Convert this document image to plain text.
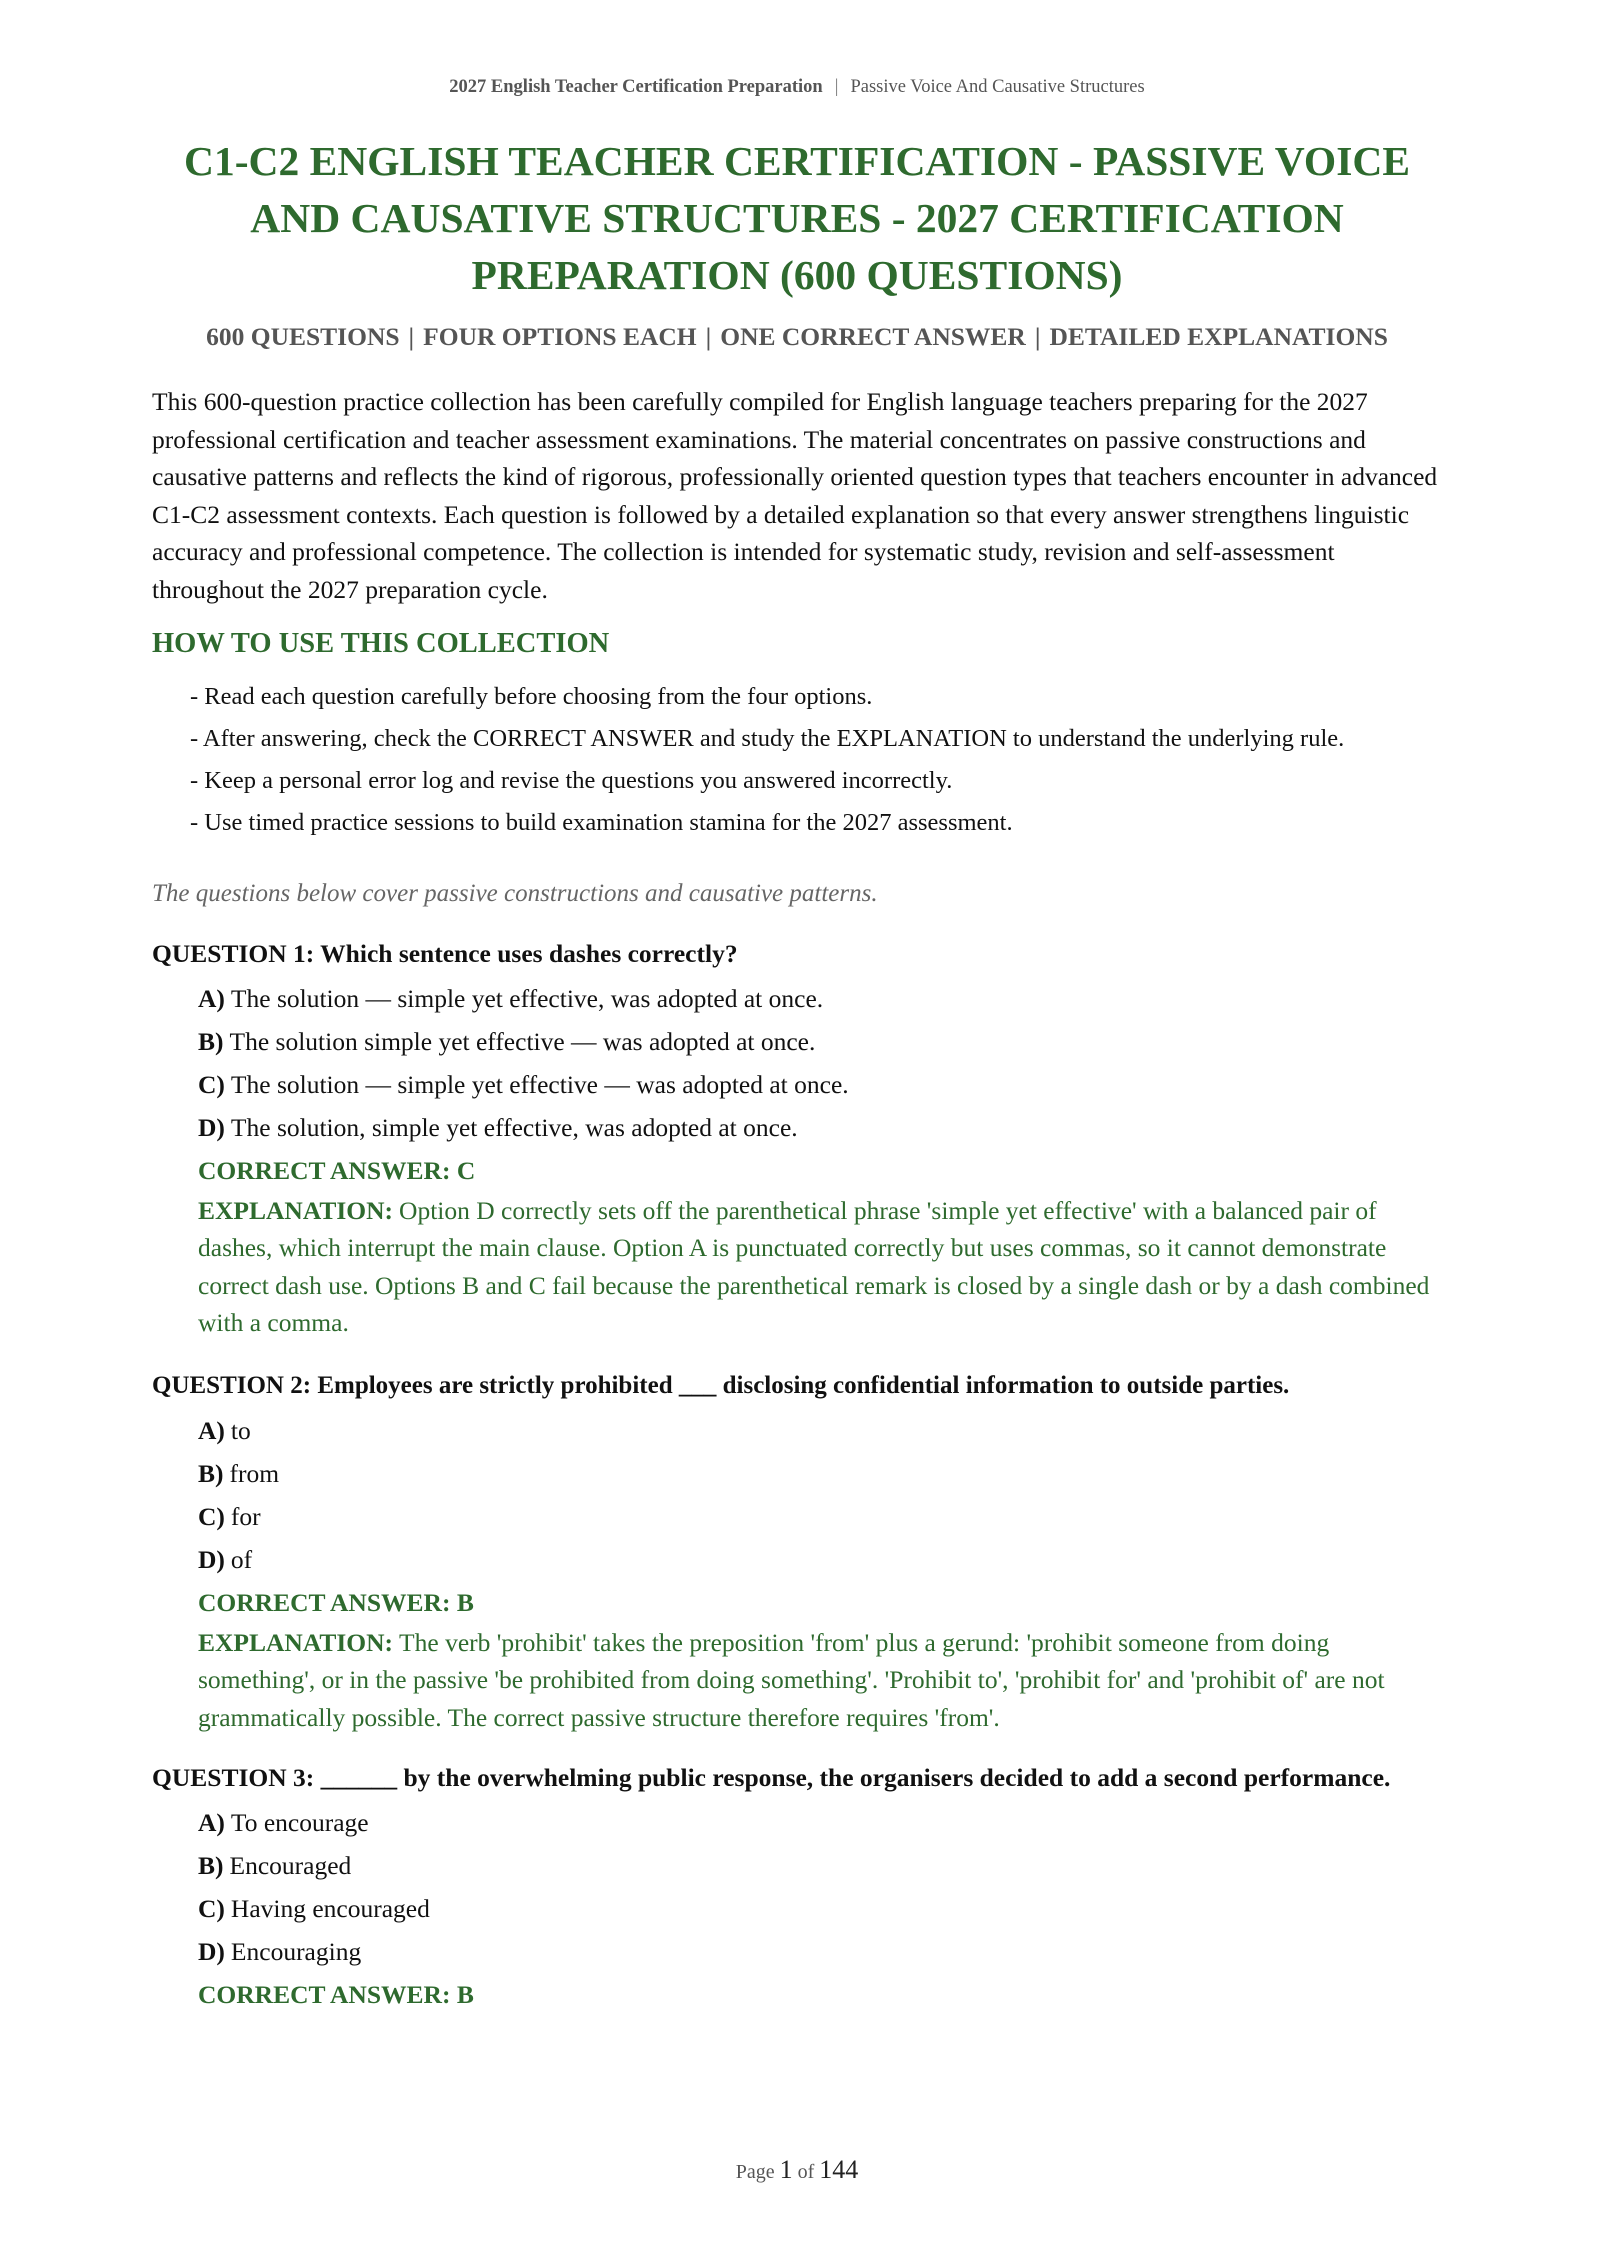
2027 English Teacher Certification Preparation | Passive Voice And Causative Structures
C1-C2 ENGLISH TEACHER CERTIFICATION - PASSIVE VOICE AND CAUSATIVE STRUCTURES - 2027 CERTIFICATION PREPARATION (600 QUESTIONS)
600 QUESTIONS | FOUR OPTIONS EACH | ONE CORRECT ANSWER | DETAILED EXPLANATIONS

This 600-question practice collection has been carefully compiled for English language teachers preparing for the 2027 professional certification and teacher assessment examinations. The material concentrates on passive constructions and causative patterns and reflects the kind of rigorous, professionally oriented question types that teachers encounter in advanced C1-C2 assessment contexts. Each question is followed by a detailed explanation so that every answer strengthens linguistic accuracy and professional competence. The collection is intended for systematic study, revision and self-assessment throughout the 2027 preparation cycle.

HOW TO USE THIS COLLECTION
- Read each question carefully before choosing from the four options.
- After answering, check the CORRECT ANSWER and study the EXPLANATION to understand the underlying rule.
- Keep a personal error log and revise the questions you answered incorrectly.
- Use timed practice sessions to build examination stamina for the 2027 assessment.

The questions below cover passive constructions and causative patterns.

QUESTION 1: Which sentence uses dashes correctly?

A) The solution — simple yet effective, was adopted at once.
B) The solution simple yet effective — was adopted at once.
C) The solution — simple yet effective — was adopted at once.
D) The solution, simple yet effective, was adopted at once.

CORRECT ANSWER: C

EXPLANATION: Option D correctly sets off the parenthetical phrase 'simple yet effective' with a balanced pair of dashes, which interrupt the main clause. Option A is punctuated correctly but uses commas, so it cannot demonstrate correct dash use. Options B and C fail because the parenthetical remark is closed by a single dash or by a dash combined with a comma.

QUESTION 2: Employees are strictly prohibited ___ disclosing confidential information to outside parties.

A) to
B) from
C) for
D) of

CORRECT ANSWER: B

EXPLANATION: The verb 'prohibit' takes the preposition 'from' plus a gerund: 'prohibit someone from doing something', or in the passive 'be prohibited from doing something'. 'Prohibit to', 'prohibit for' and 'prohibit of' are not grammatically possible. The correct passive structure therefore requires 'from'.

QUESTION 3: ______ by the overwhelming public response, the organisers decided to add a second performance.

A) To encourage
B) Encouraged
C) Having encouraged
D) Encouraging

CORRECT ANSWER: B

Page 1 of 144
